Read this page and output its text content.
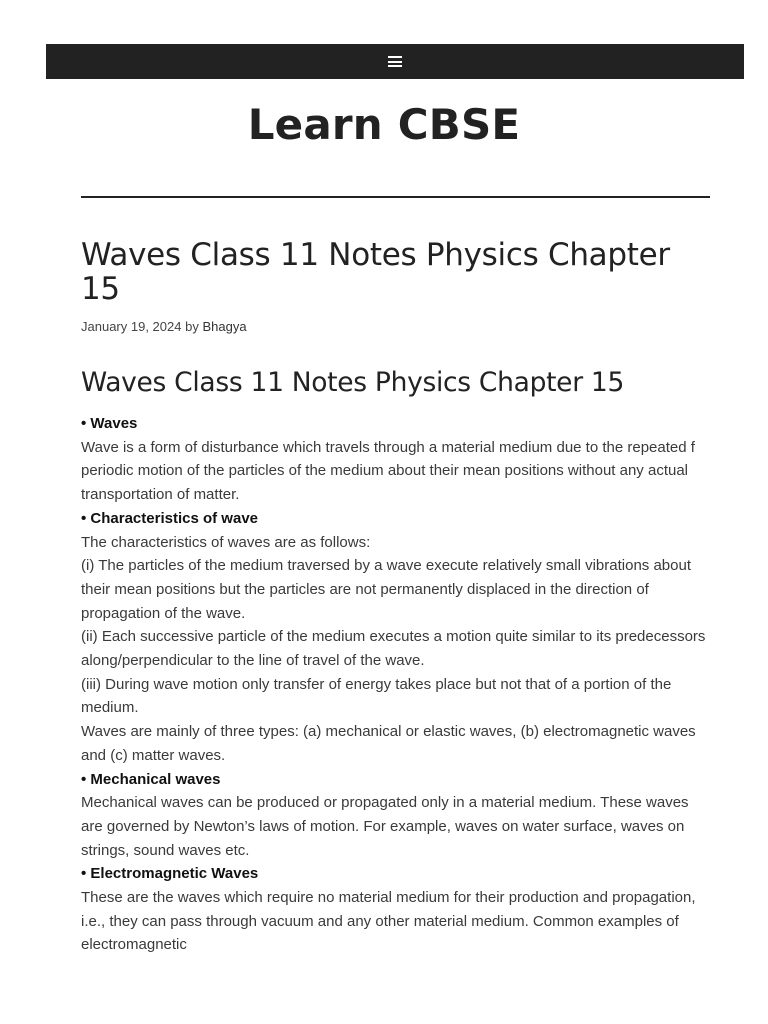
Learn CBSE
Waves Class 11 Notes Physics Chapter 15
January 19, 2024 by Bhagya
Waves Class 11 Notes Physics Chapter 15

• Waves

Wave is a form of disturbance which travels through a material medium due to the repeated f periodic motion of the particles of the medium about their mean positions without any actual transportation of matter.

• Characteristics of wave

The characteristics of waves are as follows:

(i) The particles of the medium traversed by a wave execute relatively small vibrations about their mean positions but the particles are not permanently displaced in the direction of propagation of the wave.

(ii) Each successive particle of the medium executes a motion quite similar to its predecessors along/perpendicular to the line of travel of the wave.

(iii) During wave motion only transfer of energy takes place but not that of a portion of the medium.

Waves are mainly of three types: (a) mechanical or elastic waves, (b) electromagnetic waves and (c) matter waves.

• Mechanical waves

Mechanical waves can be produced or propagated only in a material medium. These waves are governed by Newton’s laws of motion. For example, waves on water surface, waves on strings, sound waves etc.

• Electromagnetic Waves

These are the waves which require no material medium for their production and propagation, i.e., they can pass through vacuum and any other material medium. Common examples of electromagnetic
